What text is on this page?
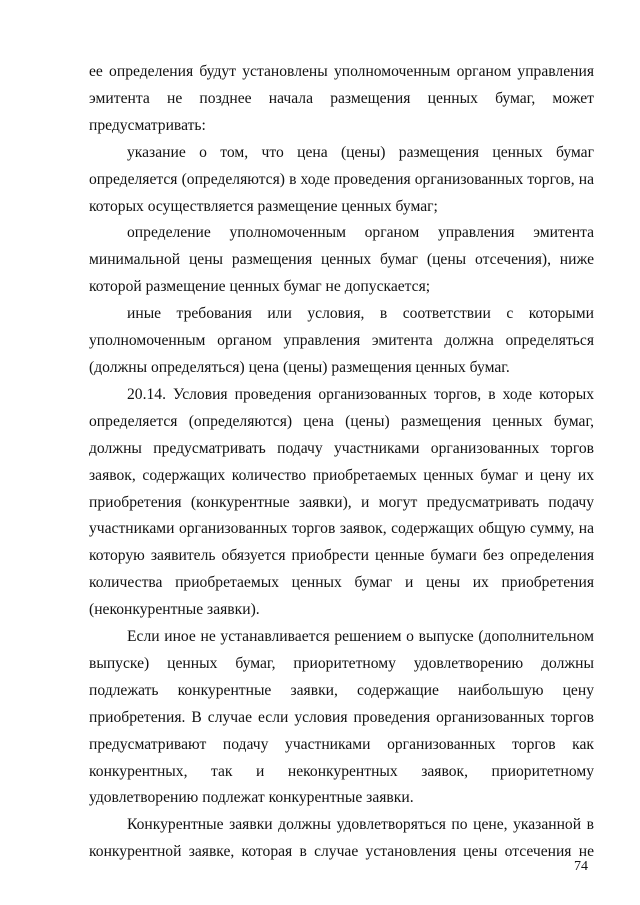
ее определения будут установлены уполномоченным органом управления эмитента не позднее начала размещения ценных бумаг, может предусматривать:

указание о том, что цена (цены) размещения ценных бумаг определяется (определяются) в ходе проведения организованных торгов, на которых осуществляется размещение ценных бумаг;

определение уполномоченным органом управления эмитента минимальной цены размещения ценных бумаг (цены отсечения), ниже которой размещение ценных бумаг не допускается;

иные требования или условия, в соответствии с которыми уполномоченным органом управления эмитента должна определяться (должны определяться) цена (цены) размещения ценных бумаг.

20.14. Условия проведения организованных торгов, в ходе которых определяется (определяются) цена (цены) размещения ценных бумаг, должны предусматривать подачу участниками организованных торгов заявок, содержащих количество приобретаемых ценных бумаг и цену их приобретения (конкурентные заявки), и могут предусматривать подачу участниками организованных торгов заявок, содержащих общую сумму, на которую заявитель обязуется приобрести ценные бумаги без определения количества приобретаемых ценных бумаг и цены их приобретения (неконкурентные заявки).

Если иное не устанавливается решением о выпуске (дополнительном выпуске) ценных бумаг, приоритетному удовлетворению должны подлежать конкурентные заявки, содержащие наибольшую цену приобретения. В случае если условия проведения организованных торгов предусматривают подачу участниками организованных торгов как конкурентных, так и неконкурентных заявок, приоритетному удовлетворению подлежат конкурентные заявки.

Конкурентные заявки должны удовлетворяться по цене, указанной в конкурентной заявке, которая в случае установления цены отсечения не

74
